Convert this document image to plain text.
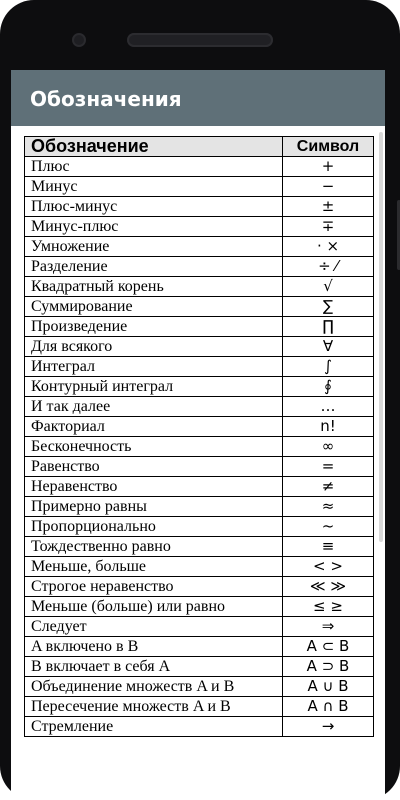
Обозначения
Обозначение	Символ
Плюс	+
Минус	−
Плюс-минус	±
Минус-плюс	∓
Умножение	· ×
Разделение	÷ ⁄
Квадратный корень	√
Суммирование	∑
Произведение	∏
Для всякого	∀
Интеграл	∫
Контурный интеграл	∮
И так далее	…
Факториал	n!
Бесконечность	∞
Равенство	=
Неравенство	≠
Примерно равны	≈
Пропорционально	~
Тождественно равно	≡
Меньше, больше	< >
Строгое неравенство	≪ ≫
Меньше (больше) или равно	≤ ≥
Следует	⇒
A включено в B	A ⊂ B
B включает в себя A	A ⊃ B
Объединение множеств A и B	A ∪ B
Пересечение множеств A и B	A ∩ B
Стремление	→
